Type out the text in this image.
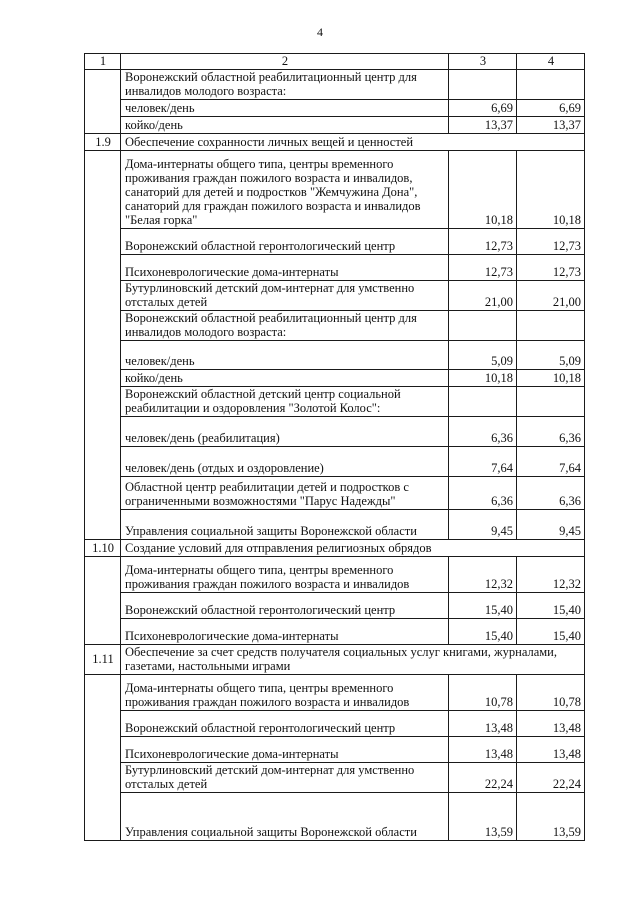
4
1	2	3	4
	Воронежский областной реабилитационный центр для инвалидов молодого возраста:		
	человек/день	6,69	6,69
	койко/день	13,37	13,37
1.9	Обеспечение сохранности личных вещей и ценностей		
	Дома-интернаты общего типа, центры временного проживания граждан пожилого возраста и инвалидов, санаторий для детей и подростков "Жемчужина Дона", санаторий для граждан пожилого возраста и инвалидов "Белая горка"	10,18	10,18
	Воронежский областной геронтологический центр	12,73	12,73
	Психоневрологические дома-интернаты	12,73	12,73
	Бутурлиновский детский дом-интернат для умственно отсталых детей	21,00	21,00
	Воронежский областной реабилитационный центр для инвалидов молодого возраста:		
	человек/день	5,09	5,09
	койко/день	10,18	10,18
	Воронежский областной детский центр социальной реабилитации и оздоровления "Золотой Колос":		
	человек/день (реабилитация)	6,36	6,36
	человек/день (отдых и оздоровление)	7,64	7,64
	Областной центр реабилитации детей и подростков с ограниченными возможностями "Парус Надежды"	6,36	6,36
	Управления социальной защиты Воронежской области	9,45	9,45
1.10	Создание условий для отправления религиозных обрядов		
	Дома-интернаты общего типа, центры временного проживания граждан пожилого возраста и инвалидов	12,32	12,32
	Воронежский областной геронтологический центр	15,40	15,40
	Психоневрологические дома-интернаты	15,40	15,40
1.11	Обеспечение за счет средств получателя социальных услуг книгами, журналами, газетами, настольными играми		
	Дома-интернаты общего типа, центры временного проживания граждан пожилого возраста и инвалидов	10,78	10,78
	Воронежский областной геронтологический центр	13,48	13,48
	Психоневрологические дома-интернаты	13,48	13,48
	Бутурлиновский детский дом-интернат для умственно отсталых детей	22,24	22,24
	Управления социальной защиты Воронежской области	13,59	13,59
